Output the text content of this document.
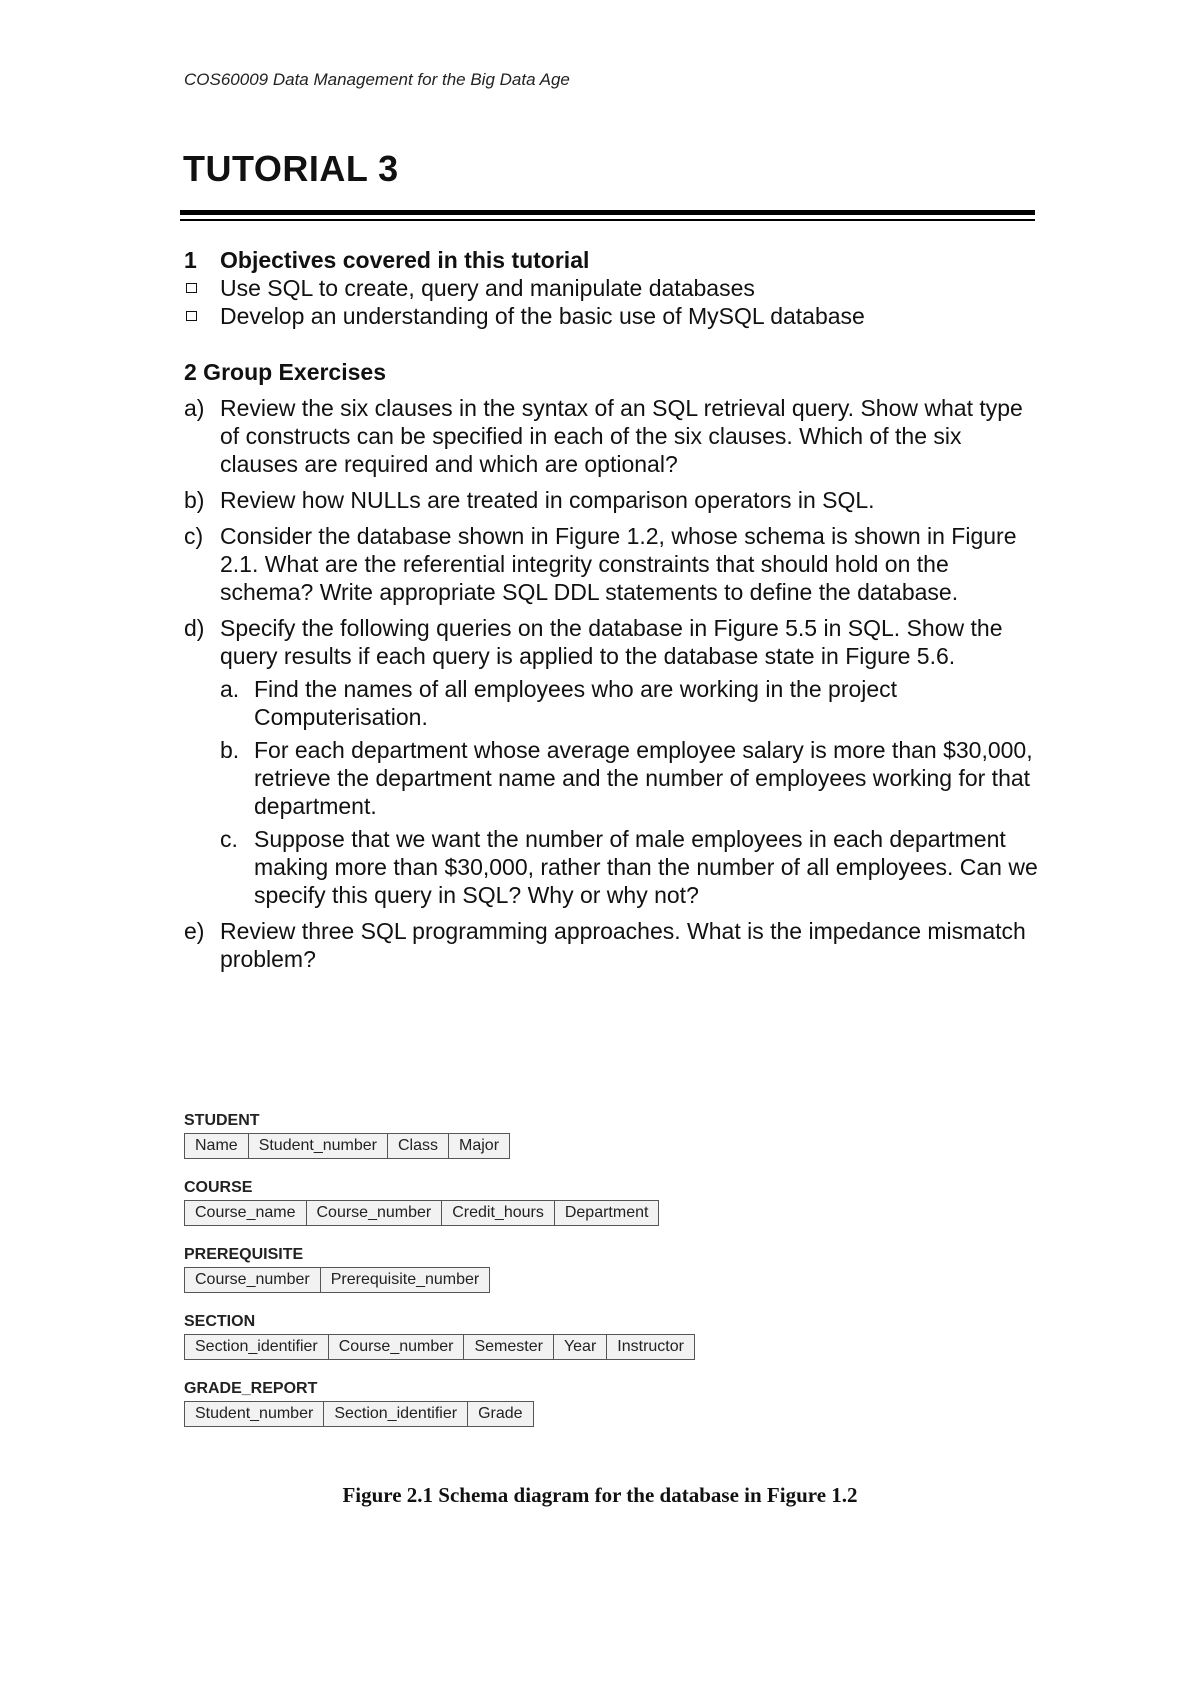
COS60009 Data Management for the Big Data Age
TUTORIAL 3
1 Objectives covered in this tutorial
Use SQL to create, query and manipulate databases
Develop an understanding of the basic use of MySQL database
2 Group Exercises
a) Review the six clauses in the syntax of an SQL retrieval query. Show what type of constructs can be specified in each of the six clauses. Which of the six clauses are required and which are optional?
b) Review how NULLs are treated in comparison operators in SQL.
c) Consider the database shown in Figure 1.2, whose schema is shown in Figure 2.1. What are the referential integrity constraints that should hold on the schema? Write appropriate SQL DDL statements to define the database.
d) Specify the following queries on the database in Figure 5.5 in SQL. Show the query results if each query is applied to the database state in Figure 5.6.
a. Find the names of all employees who are working in the project Computerisation.
b. For each department whose average employee salary is more than $30,000, retrieve the department name and the number of employees working for that department.
c. Suppose that we want the number of male employees in each department making more than $30,000, rather than the number of all employees. Can we specify this query in SQL? Why or why not?
e) Review three SQL programming approaches. What is the impedance mismatch problem?
STUDENT
Name	Student_number	Class	Major
COURSE
Course_name	Course_number	Credit_hours	Department
PREREQUISITE
Course_number	Prerequisite_number
SECTION
Section_identifier	Course_number	Semester	Year	Instructor
GRADE_REPORT
Student_number	Section_identifier	Grade
Figure 2.1 Schema diagram for the database in Figure 1.2
